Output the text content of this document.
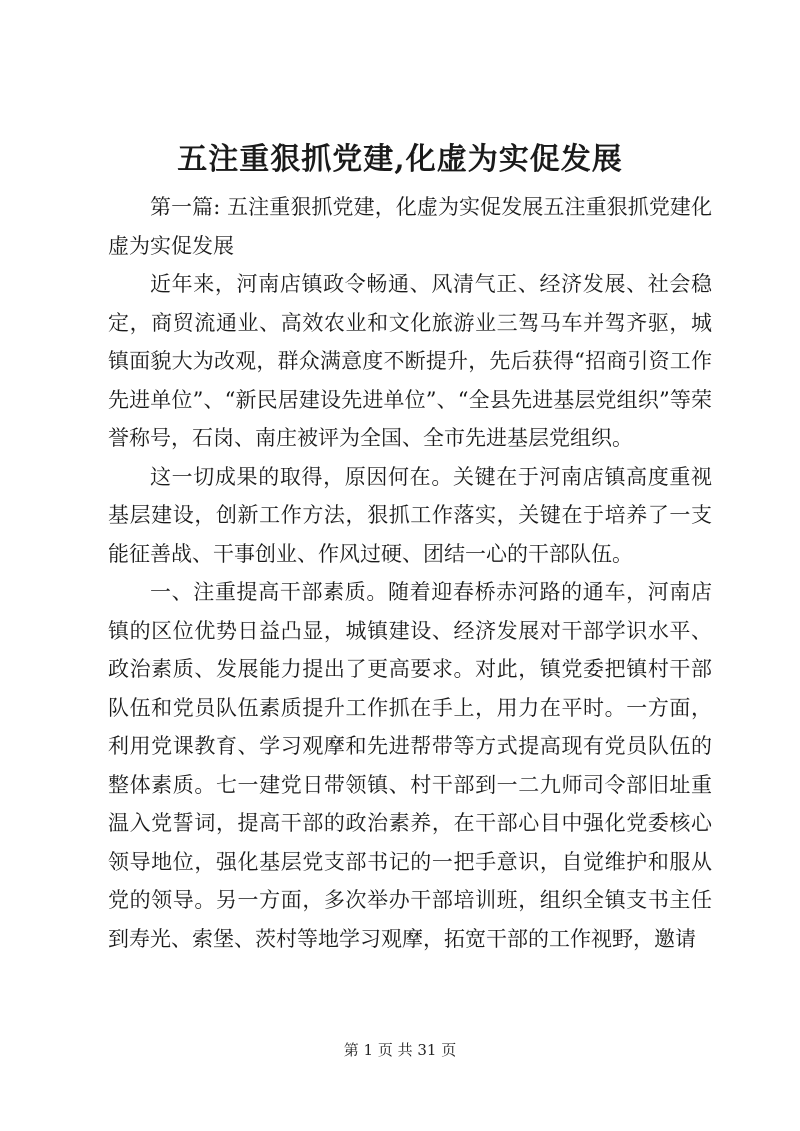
五注重狠抓党建,化虚为实促发展

第一篇: 五注重狠抓党建，化虚为实促发展五注重狠抓党建化虚为实促发展

近年来，河南店镇政令畅通、风清气正、经济发展、社会稳定，商贸流通业、高效农业和文化旅游业三驾马车并驾齐驱，城镇面貌大为改观，群众满意度不断提升，先后获得“招商引资工作先进单位”、“新民居建设先进单位”、“全县先进基层党组织”等荣誉称号，石岗、南庄被评为全国、全市先进基层党组织。

这一切成果的取得，原因何在。关键在于河南店镇高度重视基层建设，创新工作方法，狠抓工作落实，关键在于培养了一支能征善战、干事创业、作风过硬、团结一心的干部队伍。

一、注重提高干部素质。随着迎春桥赤河路的通车，河南店镇的区位优势日益凸显，城镇建设、经济发展对干部学识水平、政治素质、发展能力提出了更高要求。对此，镇党委把镇村干部队伍和党员队伍素质提升工作抓在手上，用力在平时。一方面，利用党课教育、学习观摩和先进帮带等方式提高现有党员队伍的整体素质。七一建党日带领镇、村干部到一二九师司令部旧址重温入党誓词，提高干部的政治素养，在干部心目中强化党委核心领导地位，强化基层党支部书记的一把手意识，自觉维护和服从党的领导。另一方面，多次举办干部培训班，组织全镇支书主任到寿光、索堡、茨村等地学习观摩，拓宽干部的工作视野，邀请

第 1 页 共 31 页
